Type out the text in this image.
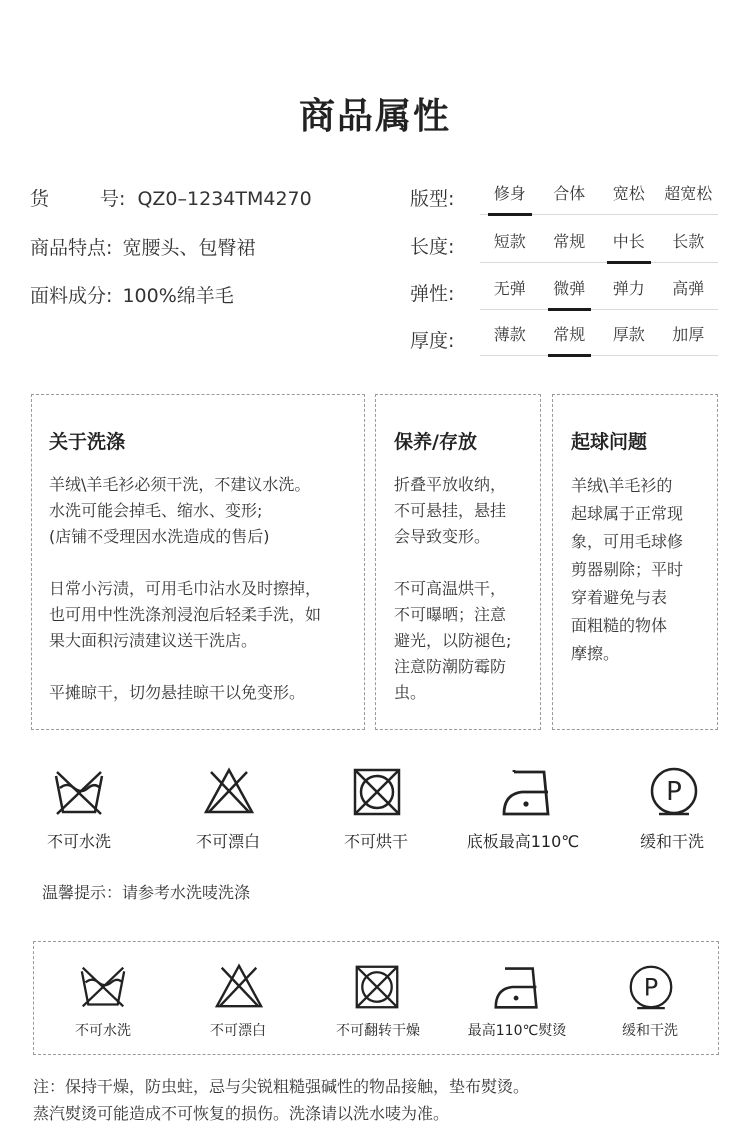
商品属性
货	号: QZ0–1234TM4270
商品特点: 宽腰头、包臀裙
面料成分: 100%绵羊毛
版型:	修身	合体	宽松	超宽松
长度:	短款	常规	中长	长款
弹性:	无弹	微弹	弹力	高弹
厚度:	薄款	常规	厚款	加厚
关于洗涤
羊绒\羊毛衫必须干洗，不建议水洗。
水洗可能会掉毛、缩水、变形;
(店铺不受理因水洗造成的售后)
日常小污渍，可用毛巾沾水及时擦掉，
也可用中性洗涤剂浸泡后轻柔手洗，如
果大面积污渍建议送干洗店。
平摊晾干，切勿悬挂晾干以免变形。
保养/存放
折叠平放收纳，
不可悬挂，悬挂
会导致变形。
不可高温烘干，
不可曝晒；注意
避光，以防褪色;
注意防潮防霉防
虫。
起球问题
羊绒\羊毛衫的
起球属于正常现
象，可用毛球修
剪器剔除；平时
穿着避免与表
面粗糙的物体
摩擦。
P
不可水洗	不可漂白	不可烘干	底板最高110℃	缓和干洗
温馨提示：请参考水洗唛洗涤
P
不可水洗	不可漂白	不可翻转干燥	最高110℃熨烫	缓和干洗
注：保持干燥，防虫蛀，忌与尖锐粗糙强碱性的物品接触，垫布熨烫。
蒸汽熨烫可能造成不可恢复的损伤。洗涤请以洗水唛为准。
